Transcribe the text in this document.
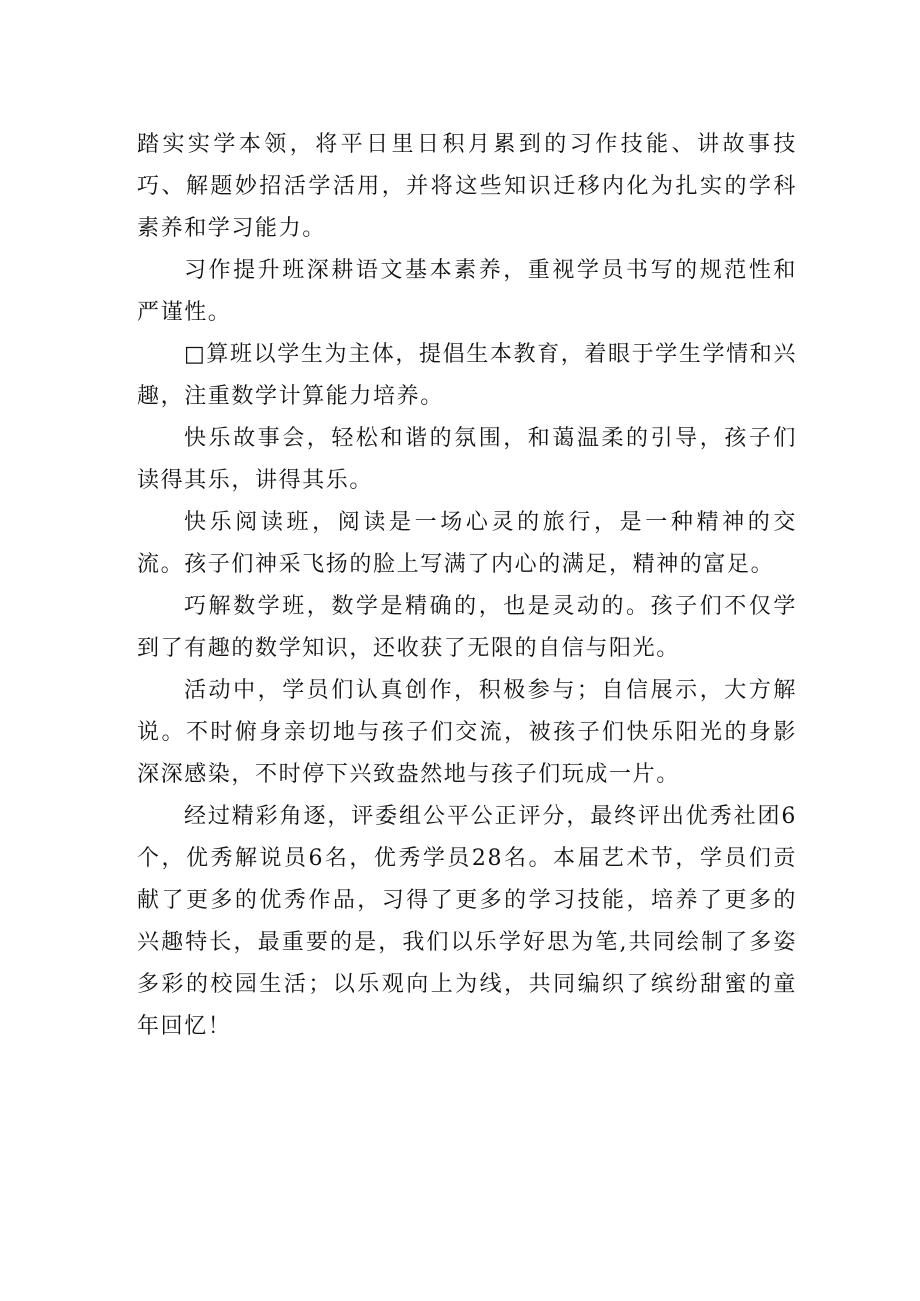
踏实实学本领，将平日里日积月累到的习作技能、讲故事技巧、解题妙招活学活用，并将这些知识迁移内化为扎实的学科素养和学习能力。

习作提升班深耕语文基本素养，重视学员书写的规范性和严谨性。

□算班以学生为主体，提倡生本教育，着眼于学生学情和兴趣，注重数学计算能力培养。

快乐故事会，轻松和谐的氛围，和蔼温柔的引导，孩子们读得其乐，讲得其乐。

快乐阅读班，阅读是一场心灵的旅行，是一种精神的交流。孩子们神采飞扬的脸上写满了内心的满足，精神的富足。

巧解数学班，数学是精确的，也是灵动的。孩子们不仅学到了有趣的数学知识，还收获了无限的自信与阳光。

活动中，学员们认真创作，积极参与；自信展示，大方解说。不时俯身亲切地与孩子们交流，被孩子们快乐阳光的身影深深感染，不时停下兴致盎然地与孩子们玩成一片。

经过精彩角逐，评委组公平公正评分，最终评出优秀社团6个，优秀解说员6名，优秀学员28名。本届艺术节，学员们贡献了更多的优秀作品，习得了更多的学习技能，培养了更多的兴趣特长，最重要的是，我们以乐学好思为笔,共同绘制了多姿多彩的校园生活；以乐观向上为线，共同编织了缤纷甜蜜的童年回忆！
